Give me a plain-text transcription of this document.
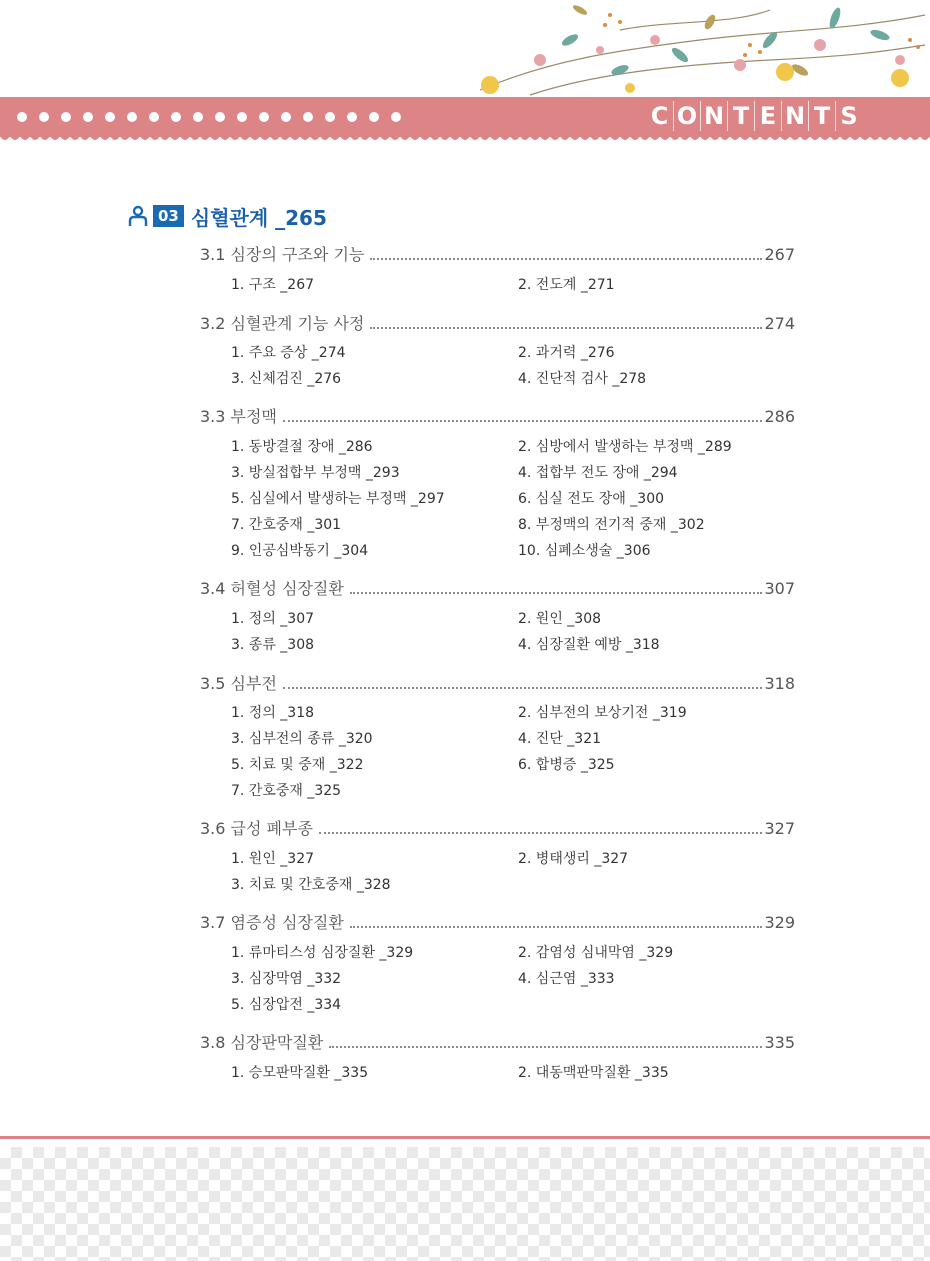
C O N T E N T S
03 심혈관계 _265
3.1 심장의 구조와 기능	267
1. 구조 _267	2. 전도계 _271
3.2 심혈관계 기능 사정	274
1. 주요 증상 _274	2. 과거력 _276
3. 신체검진 _276	4. 진단적 검사 _278
3.3 부정맥	286
1. 동방결절 장애 _286	2. 심방에서 발생하는 부정맥 _289
3. 방실접합부 부정맥 _293	4. 접합부 전도 장애 _294
5. 심실에서 발생하는 부정맥 _297	6. 심실 전도 장애 _300
7. 간호중재 _301	8. 부정맥의 전기적 중재 _302
9. 인공심박동기 _304	10. 심폐소생술 _306
3.4 허혈성 심장질환	307
1. 정의 _307	2. 원인 _308
3. 종류 _308	4. 심장질환 예방 _318
3.5 심부전	318
1. 정의 _318	2. 심부전의 보상기전 _319
3. 심부전의 종류 _320	4. 진단 _321
5. 치료 및 중재 _322	6. 합병증 _325
7. 간호중재 _325
3.6 급성 폐부종	327
1. 원인 _327	2. 병태생리 _327
3. 치료 및 간호중재 _328
3.7 염증성 심장질환	329
1. 류마티스성 심장질환 _329	2. 감염성 심내막염 _329
3. 심장막염 _332	4. 심근염 _333
5. 심장압전 _334
3.8 심장판막질환	335
1. 승모판막질환 _335	2. 대동맥판막질환 _335
